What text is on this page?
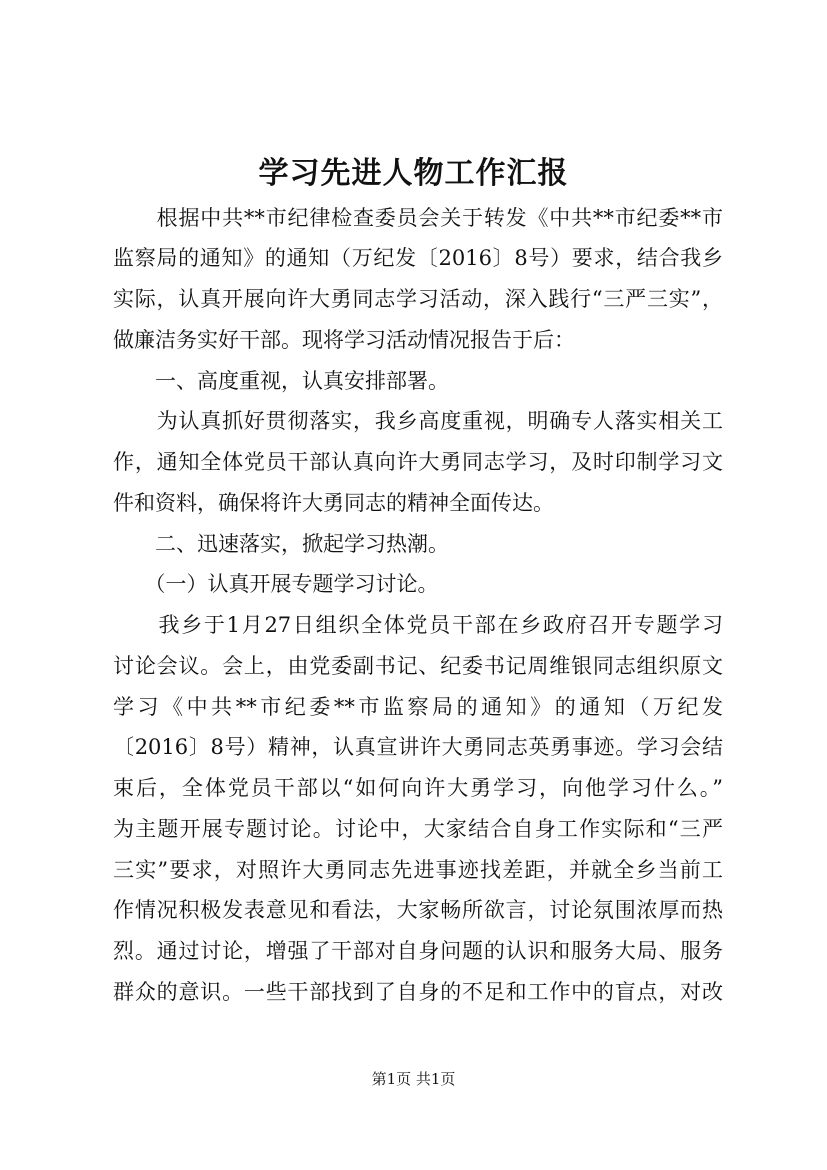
学习先进人物工作汇报
　　根据中共**市纪律检查委员会关于转发《中共**市纪委**市
监察局的通知》的通知（万纪发〔2016〕8号）要求，结合我乡
实际，认真开展向许大勇同志学习活动，深入践行“三严三实”，
做廉洁务实好干部。现将学习活动情况报告于后：
　　一、高度重视，认真安排部署。
　　为认真抓好贯彻落实，我乡高度重视，明确专人落实相关工
作，通知全体党员干部认真向许大勇同志学习，及时印制学习文
件和资料，确保将许大勇同志的精神全面传达。
　　二、迅速落实，掀起学习热潮。
　　（一）认真开展专题学习讨论。
　　我乡于1月27日组织全体党员干部在乡政府召开专题学习
讨论会议。会上，由党委副书记、纪委书记周维银同志组织原文
学习《中共**市纪委**市监察局的通知》的通知（万纪发
〔2016〕8号）精神，认真宣讲许大勇同志英勇事迹。学习会结
束后，全体党员干部以“如何向许大勇学习，向他学习什么。”
为主题开展专题讨论。讨论中，大家结合自身工作实际和“三严
三实”要求，对照许大勇同志先进事迹找差距，并就全乡当前工
作情况积极发表意见和看法，大家畅所欲言，讨论氛围浓厚而热
烈。通过讨论，增强了干部对自身问题的认识和服务大局、服务
群众的意识。一些干部找到了自身的不足和工作中的盲点，对改
第1页 共1页
